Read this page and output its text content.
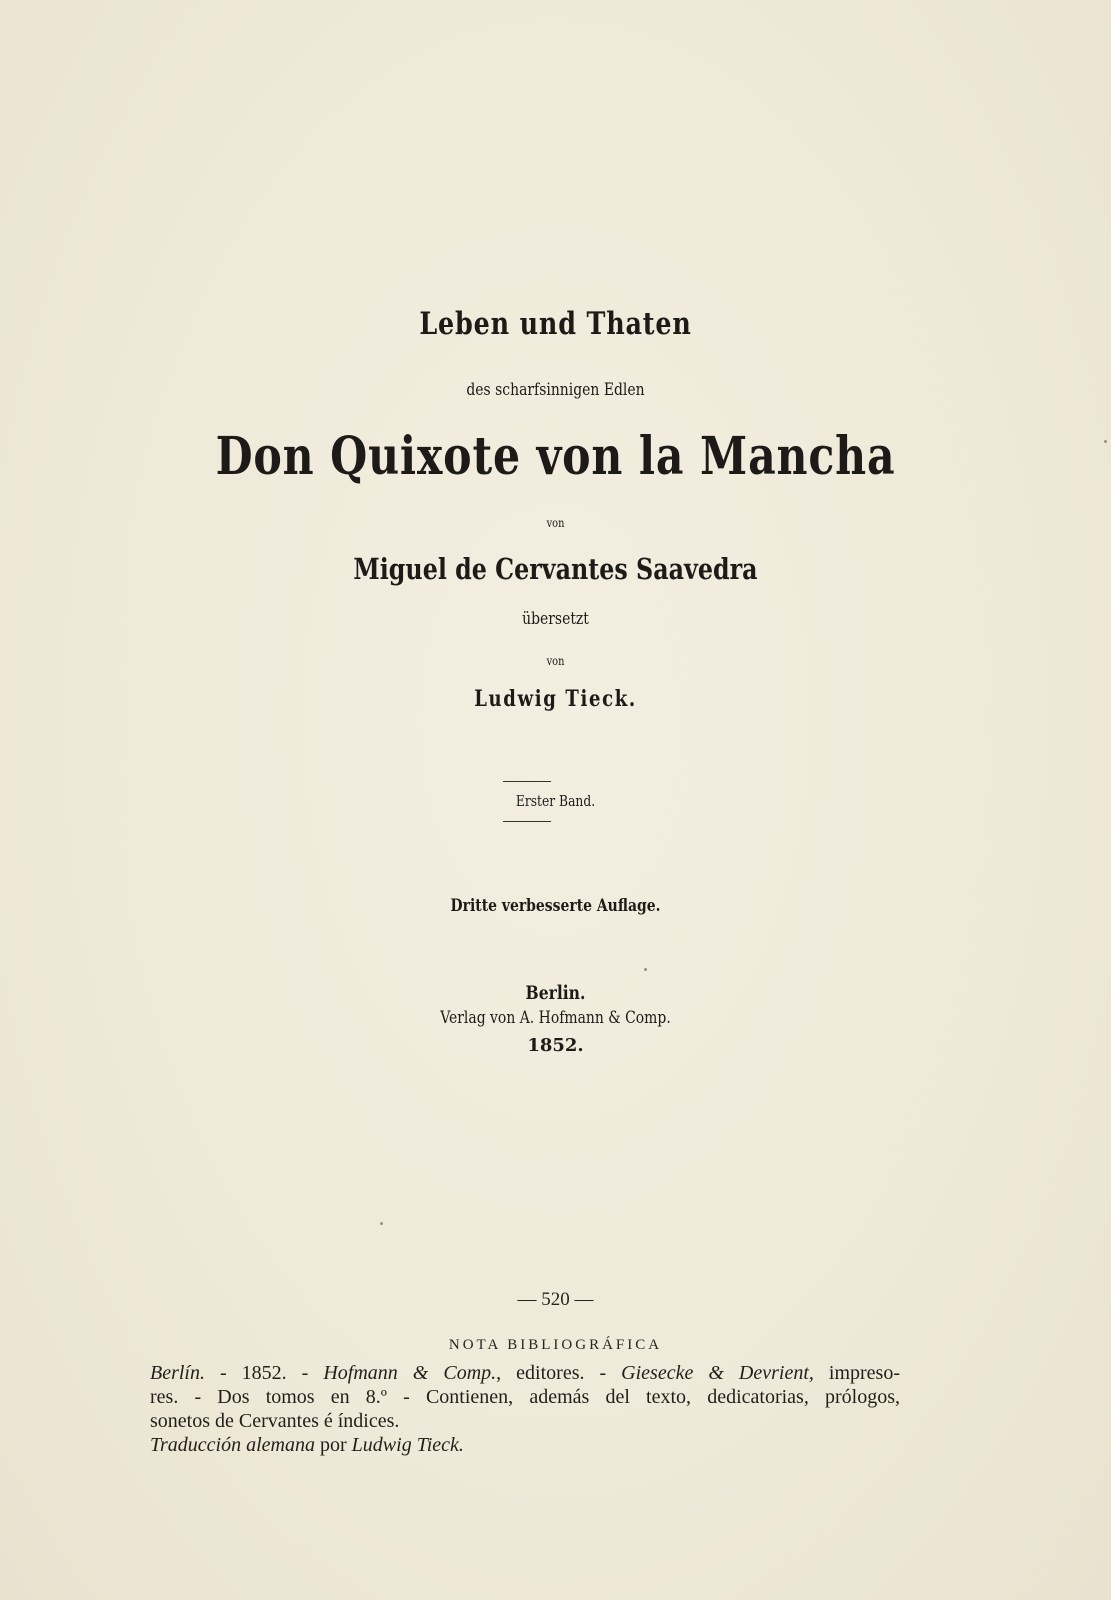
Leben und Thaten
des scharfsinnigen Edlen
Don Quixote von la Mancha
von
Miguel de Cervantes Saavedra
übersetzt
von
Ludwig Tieck.
Erster Band.
Dritte verbesserte Auflage.
Berlin.
Verlag von A. Hofmann & Comp.
1852.
— 520 —
NOTA BIBLIOGRÁFICA
Berlín. - 1852. - Hofmann & Comp., editores. - Giesecke & Devrient, impreso-
res. - Dos tomos en 8.º - Contienen, además del texto, dedicatorias, prólogos,
sonetos de Cervantes é índices.
Traducción alemana por Ludwig Tieck.
